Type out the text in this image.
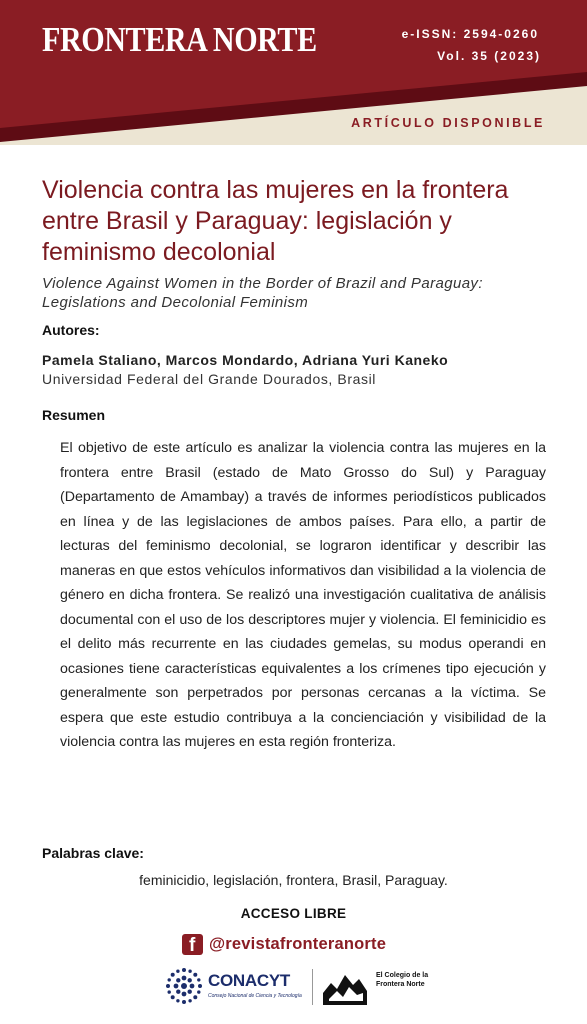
FRONTERA NORTE	e-ISSN: 2594-0260
Vol. 35 (2023)
ARTÍCULO DISPONIBLE
Violencia contra las mujeres en la frontera entre Brasil y Paraguay: legislación y feminismo decolonial
Violence Against Women in the Border of Brazil and Paraguay: Legislations and Decolonial Feminism
Autores:
Pamela Staliano, Marcos Mondardo, Adriana Yuri Kaneko
Universidad Federal del Grande Dourados, Brasil
Resumen

El objetivo de este artículo es analizar la violencia contra las mujeres en la frontera entre Brasil (estado de Mato Grosso do Sul) y Paraguay (Departamento de Amambay) a través de informes periodísticos publicados en línea y de las legislaciones de ambos países. Para ello, a partir de lecturas del feminismo decolonial, se lograron identificar y describir las maneras en que estos vehículos informativos dan visibilidad a la violencia de género en dicha frontera. Se realizó una investigación cualitativa de análisis documental con el uso de los descriptores mujer y violencia. El feminicidio es el delito más recurrente en las ciudades gemelas, su modus operandi en ocasiones tiene características equivalentes a los crímenes tipo ejecución y generalmente son perpetrados por personas cercanas a la víctima. Se espera que este estudio contribuya a la concienciación y visibilidad de la violencia contra las mujeres en esta región fronteriza.

Palabras clave:
feminicidio, legislación, frontera, Brasil, Paraguay.
ACCESO LIBRE
f @revistafronteranorte
CONACYT
Consejo Nacional de Ciencia y Tecnología
El Colegio de la Frontera Norte
